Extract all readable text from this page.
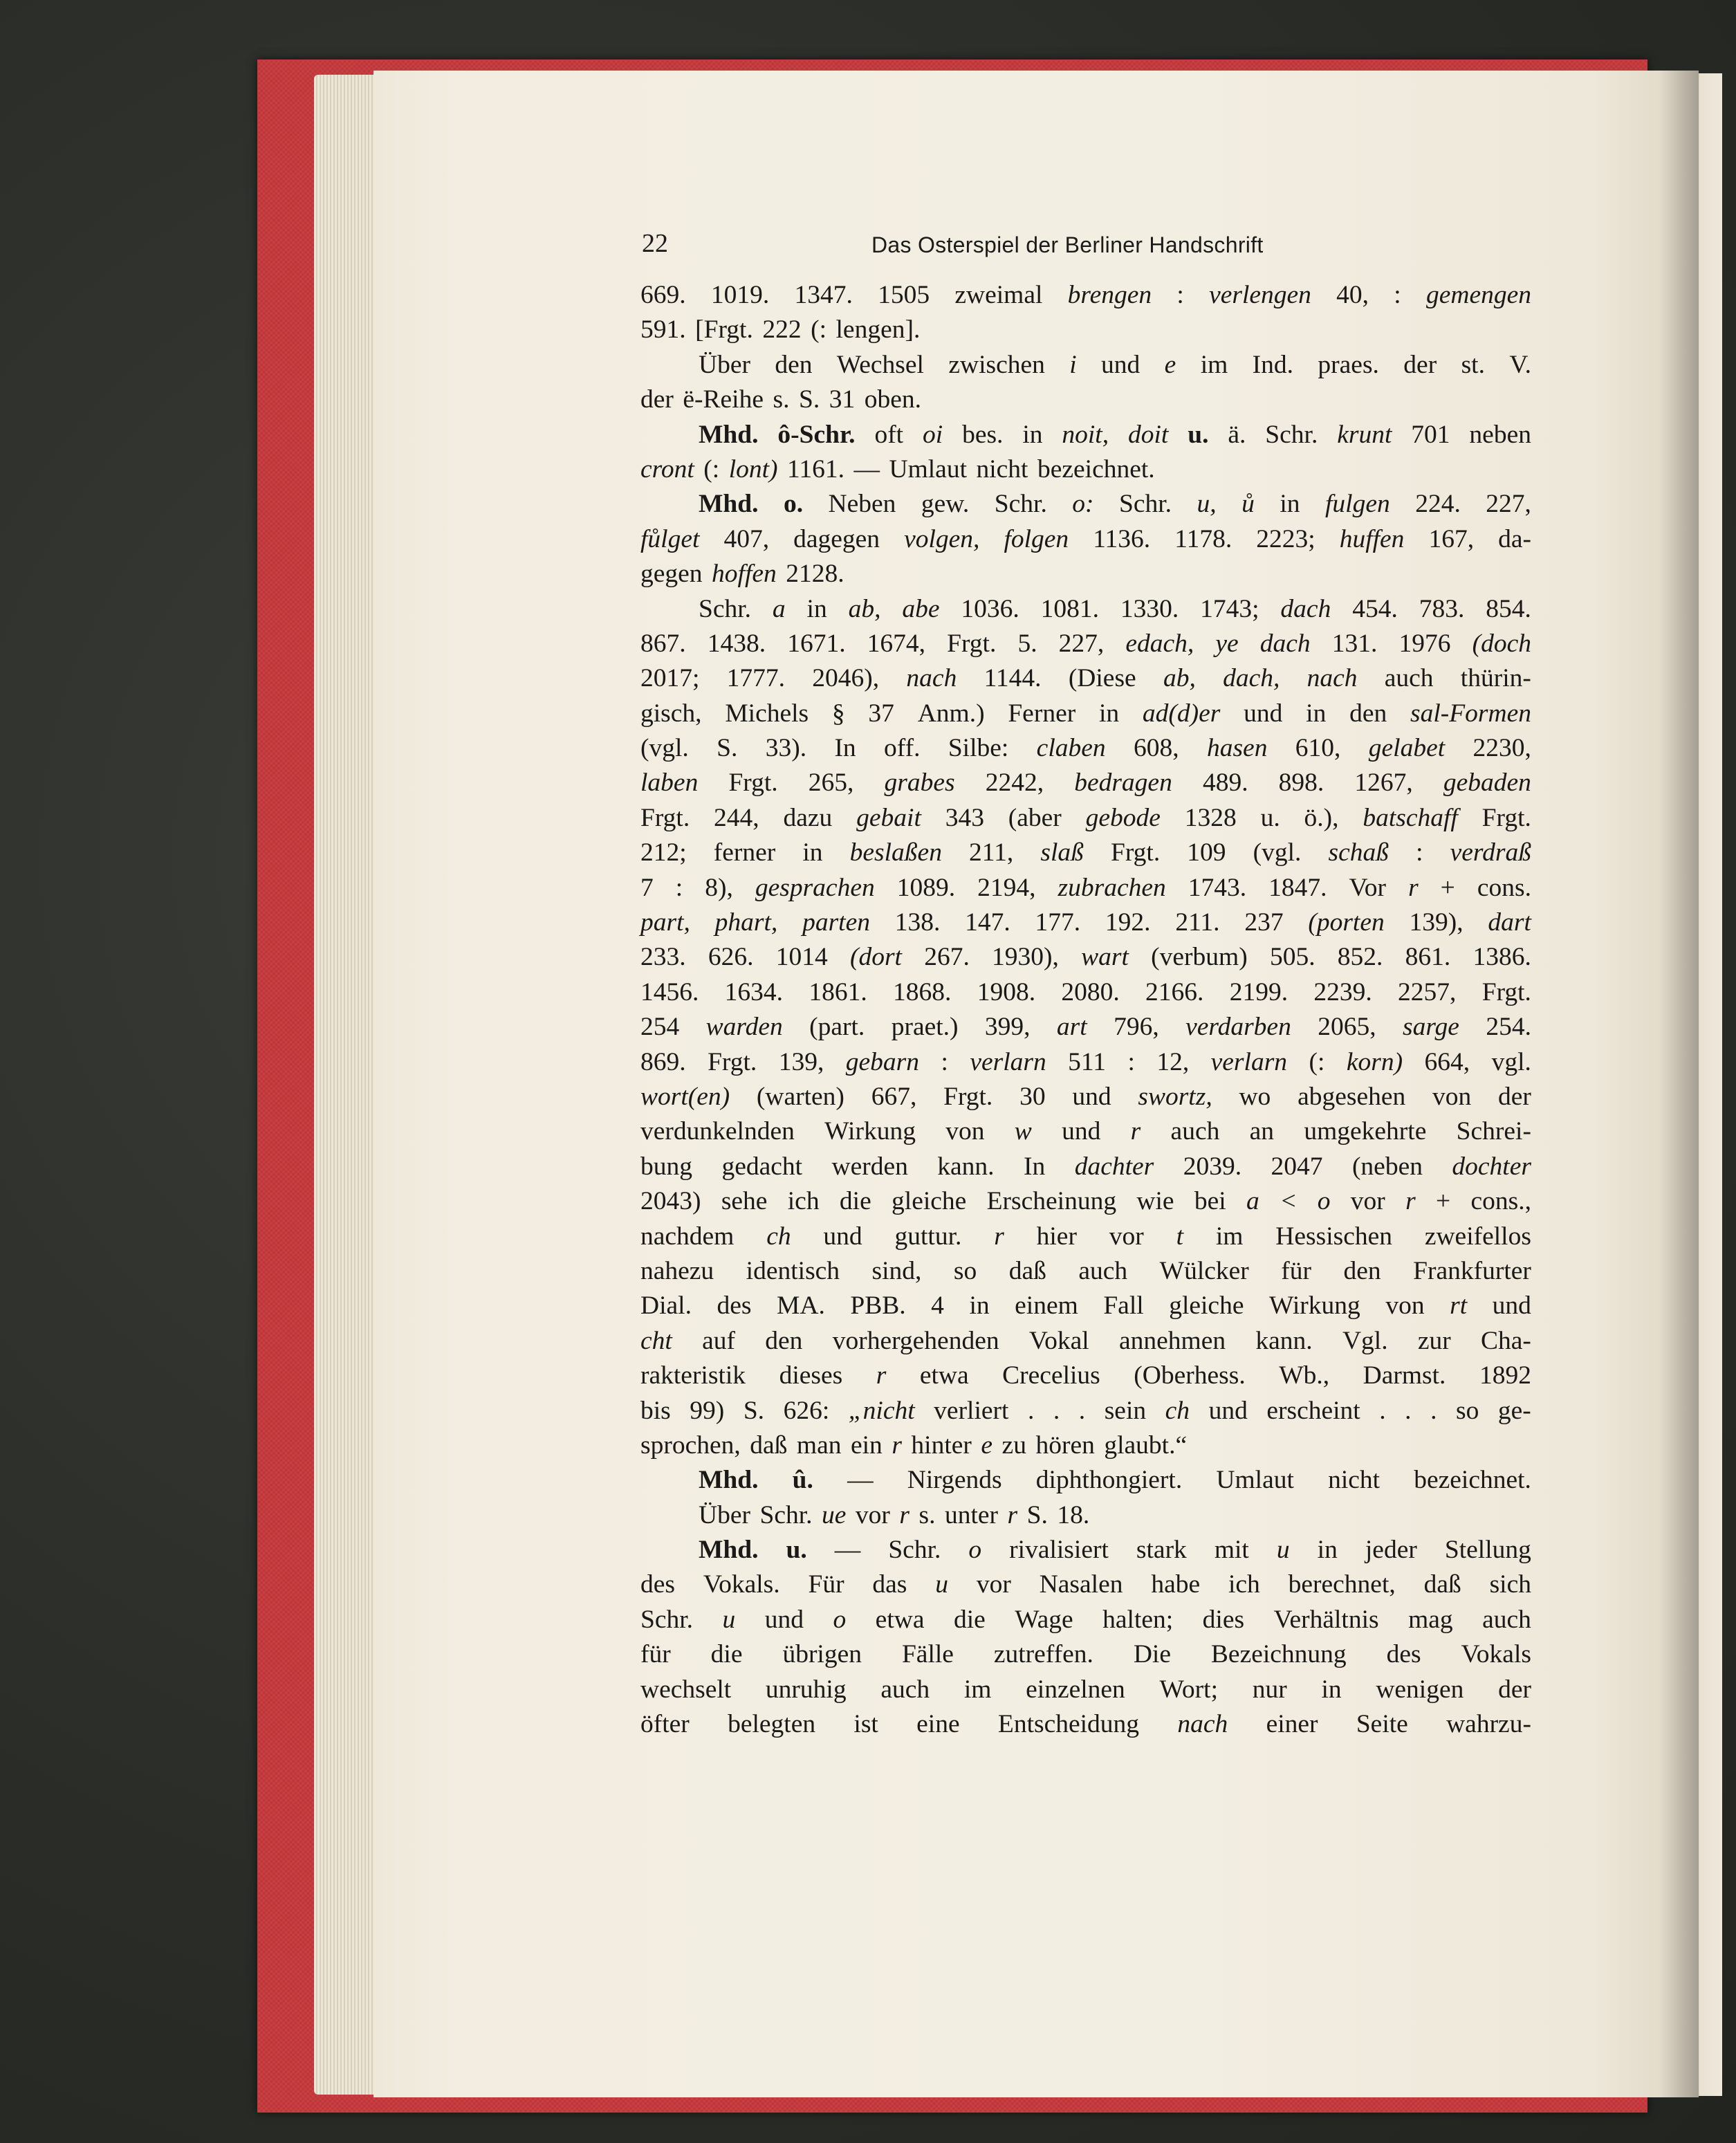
22	Das Osterspiel der Berliner Handschrift
669. 1019. 1347. 1505 zweimal brengen : verlengen 40, : gemengen
591. [Frgt. 222 (: lengen].
Über den Wechsel zwischen i und e im Ind. praes. der st. V.
der ë-Reihe s. S. 31 oben.
Mhd. ô-Schr. oft oi bes. in noit, doit u. ä. Schr. krunt 701 neben
cront (: lont) 1161. — Umlaut nicht bezeichnet.
Mhd. o. Neben gew. Schr. o: Schr. u, ů in fulgen 224. 227,
fůlget 407, dagegen volgen, folgen 1136. 1178. 2223; huffen 167, da-
gegen hoffen 2128.
Schr. a in ab, abe 1036. 1081. 1330. 1743; dach 454. 783. 854.
867. 1438. 1671. 1674, Frgt. 5. 227, edach, ye dach 131. 1976 (doch
2017; 1777. 2046), nach 1144. (Diese ab, dach, nach auch thürin-
gisch, Michels § 37 Anm.) Ferner in ad(d)er und in den sal-Formen
(vgl. S. 33). In off. Silbe: claben 608, hasen 610, gelabet 2230,
laben Frgt. 265, grabes 2242, bedragen 489. 898. 1267, gebaden
Frgt. 244, dazu gebait 343 (aber gebode 1328 u. ö.), batschaff Frgt.
212; ferner in beslaßen 211, slaß Frgt. 109 (vgl. schaß : verdraß
7 : 8), gesprachen 1089. 2194, zubrachen 1743. 1847. Vor r + cons.
part, phart, parten 138. 147. 177. 192. 211. 237 (porten 139), dart
233. 626. 1014 (dort 267. 1930), wart (verbum) 505. 852. 861. 1386.
1456. 1634. 1861. 1868. 1908. 2080. 2166. 2199. 2239. 2257, Frgt.
254 warden (part. praet.) 399, art 796, verdarben 2065, sarge 254.
869. Frgt. 139, gebarn : verlarn 511 : 12, verlarn (: korn) 664, vgl.
wort(en) (warten) 667, Frgt. 30 und swortz, wo abgesehen von der
verdunkelnden Wirkung von w und r auch an umgekehrte Schrei-
bung gedacht werden kann. In dachter 2039. 2047 (neben dochter
2043) sehe ich die gleiche Erscheinung wie bei a < o vor r + cons.,
nachdem ch und guttur. r hier vor t im Hessischen zweifellos
nahezu identisch sind, so daß auch Wülcker für den Frankfurter
Dial. des MA. PBB. 4 in einem Fall gleiche Wirkung von rt und
cht auf den vorhergehenden Vokal annehmen kann. Vgl. zur Cha-
rakteristik dieses r etwa Crecelius (Oberhess. Wb., Darmst. 1892
bis 99) S. 626: „nicht verliert . . . sein ch und erscheint . . . so ge-
sprochen, daß man ein r hinter e zu hören glaubt.“
Mhd. û. — Nirgends diphthongiert. Umlaut nicht bezeichnet.
Über Schr. ue vor r s. unter r S. 18.
Mhd. u. — Schr. o rivalisiert stark mit u in jeder Stellung
des Vokals. Für das u vor Nasalen habe ich berechnet, daß sich
Schr. u und o etwa die Wage halten; dies Verhältnis mag auch
für die übrigen Fälle zutreffen. Die Bezeichnung des Vokals
wechselt unruhig auch im einzelnen Wort; nur in wenigen der
öfter belegten ist eine Entscheidung nach einer Seite wahrzu-
